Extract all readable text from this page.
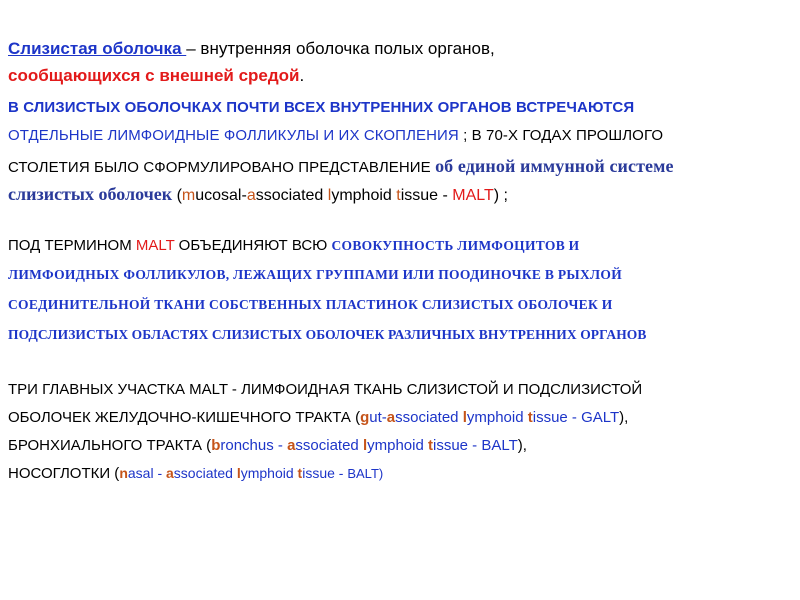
Слизистая оболочка – внутренняя оболочка полых органов,
сообщающихся с внешней средой.
В СЛИЗИСТЫХ ОБОЛОЧКАХ ПОЧТИ ВСЕХ ВНУТРЕННИХ ОРГАНОВ ВСТРЕЧАЮТСЯ
ОТДЕЛЬНЫЕ ЛИМФОИДНЫЕ ФОЛЛИКУЛЫ И ИХ СКОПЛЕНИЯ ; В 70-Х ГОДАХ ПРОШЛОГО
СТОЛЕТИЯ БЫЛО СФОРМУЛИРОВАНО ПРЕДСТАВЛЕНИЕ об единой иммунной системе
слизистых оболочек (mucosal-associated lymphoid tissue - MALT) ;
ПОД ТЕРМИНОМ MALT ОБЪЕДИНЯЮТ ВСЮ СОВОКУПНОСТЬ ЛИМФОЦИТОВ И
ЛИМФОИДНЫХ ФОЛЛИКУЛОВ, ЛЕЖАЩИХ ГРУППАМИ ИЛИ ПООДИНОЧКЕ В РЫХЛОЙ
СОЕДИНИТЕЛЬНОЙ ТКАНИ СОБСТВЕННЫХ ПЛАСТИНОК СЛИЗИСТЫХ ОБОЛОЧЕК И
ПОДСЛИЗИСТЫХ ОБЛАСТЯХ СЛИЗИСТЫХ ОБОЛОЧЕК РАЗЛИЧНЫХ ВНУТРЕННИХ ОРГАНОВ
ТРИ ГЛАВНЫХ УЧАСТКА MALT - ЛИМФОИДНАЯ ТКАНЬ СЛИЗИСТОЙ И ПОДСЛИЗИСТОЙ
ОБОЛОЧЕК ЖЕЛУДОЧНО-КИШЕЧНОГО ТРАКТА (gut-associated lymphoid tissue - GALT),
БРОНХИАЛЬНОГО ТРАКТА (bronchus - associated lymphoid tissue - BALT),
НОСОГЛОТКИ (nasal - associated lymphoid tissue - BALT)
